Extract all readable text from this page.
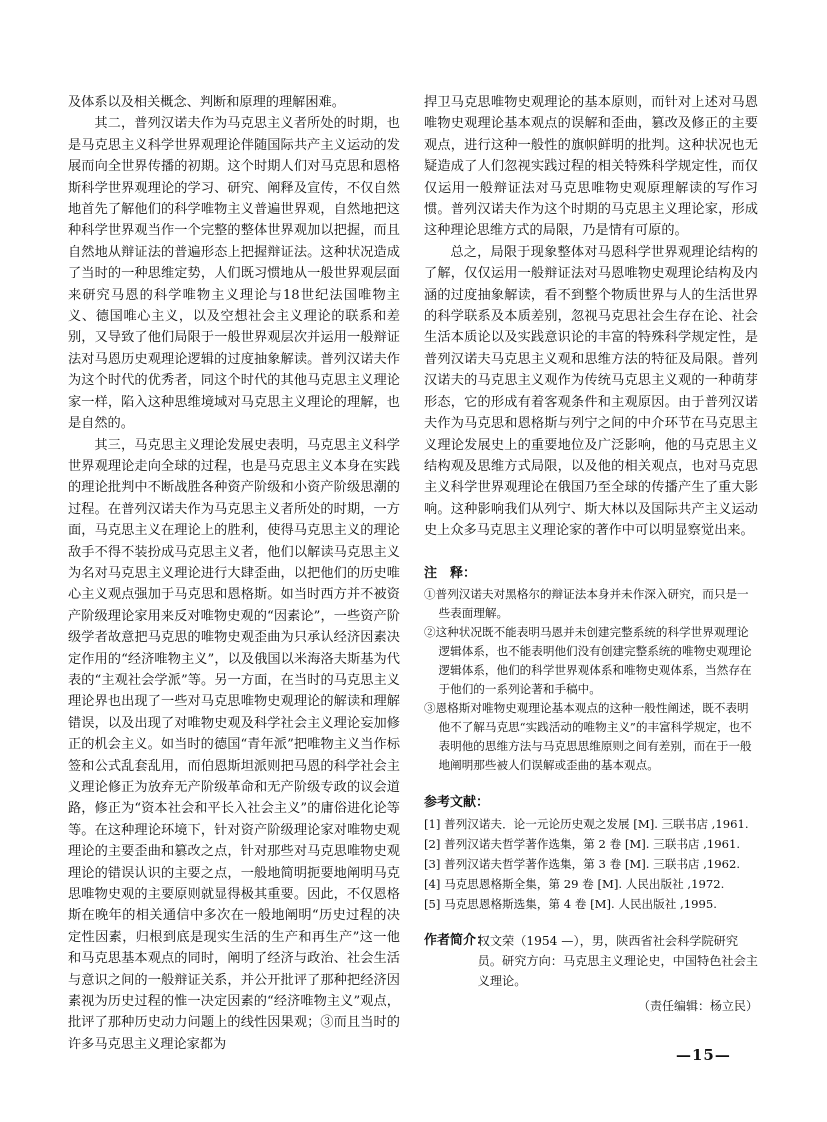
及体系以及相关概念、判断和原理的理解困难。

其二，普列汉诺夫作为马克思主义者所处的时期，也是马克思主义科学世界观理论伴随国际共产主义运动的发展而向全世界传播的初期。这个时期人们对马克思和恩格斯科学世界观理论的学习、研究、阐释及宣传，不仅自然地首先了解他们的科学唯物主义普遍世界观，自然地把这种科学世界观当作一个完整的整体世界观加以把握，而且自然地从辩证法的普遍形态上把握辩证法。这种状况造成了当时的一种思维定势，人们既习惯地从一般世界观层面来研究马恩的科学唯物主义理论与18世纪法国唯物主义、德国唯心主义，以及空想社会主义理论的联系和差别，又导致了他们局限于一般世界观层次并运用一般辩证法对马恩历史观理论逻辑的过度抽象解读。普列汉诺夫作为这个时代的优秀者，同这个时代的其他马克思主义理论家一样，陷入这种思维境域对马克思主义理论的理解，也是自然的。

其三，马克思主义理论发展史表明，马克思主义科学世界观理论走向全球的过程，也是马克思主义本身在实践的理论批判中不断战胜各种资产阶级和小资产阶级思潮的过程。在普列汉诺夫作为马克思主义者所处的时期，一方面，马克思主义在理论上的胜利，使得马克思主义的理论敌手不得不装扮成马克思主义者，他们以解读马克思主义为名对马克思主义理论进行大肆歪曲，以把他们的历史唯心主义观点强加于马克思和恩格斯。如当时西方并不被资产阶级理论家用来反对唯物史观的“因素论”，一些资产阶级学者故意把马克思的唯物史观歪曲为只承认经济因素决定作用的“经济唯物主义”，以及俄国以米海洛夫斯基为代表的“主观社会学派”等。另一方面，在当时的马克思主义理论界也出现了一些对马克思唯物史观理论的解读和理解错误，以及出现了对唯物史观及科学社会主义理论妄加修正的机会主义。如当时的德国“青年派”把唯物主义当作标签和公式乱套乱用，而伯恩斯坦派则把马恩的科学社会主义理论修正为放弃无产阶级革命和无产阶级专政的议会道路，修正为“资本社会和平长入社会主义”的庸俗进化论等等。在这种理论环境下，针对资产阶级理论家对唯物史观理论的主要歪曲和篡改之点，针对那些对马克思唯物史观理论的错误认识的主要之点，一般地简明扼要地阐明马克思唯物史观的主要原则就显得极其重要。因此，不仅恩格斯在晚年的相关通信中多次在一般地阐明“历史过程的决定性因素，归根到底是现实生活的生产和再生产”这一他和马克思基本观点的同时，阐明了经济与政治、社会生活与意识之间的一般辩证关系，并公开批评了那种把经济因素视为历史过程的惟一决定因素的“经济唯物主义”观点，批评了那种历史动力问题上的线性因果观；③而且当时的许多马克思主义理论家都为

捍卫马克思唯物史观理论的基本原则，而针对上述对马恩唯物史观理论基本观点的误解和歪曲，篡改及修正的主要观点，进行这种一般性的旗帜鲜明的批判。这种状况也无疑造成了人们忽视实践过程的相关特殊科学规定性，而仅仅运用一般辩证法对马克思唯物史观原理解读的写作习惯。普列汉诺夫作为这个时期的马克思主义理论家，形成这种理论思维方式的局限，乃是情有可原的。

总之，局限于现象整体对马恩科学世界观理论结构的了解，仅仅运用一般辩证法对马恩唯物史观理论结构及内涵的过度抽象解读，看不到整个物质世界与人的生活世界的科学联系及本质差别，忽视马克思社会生存在论、社会生活本质论以及实践意识论的丰富的特殊科学规定性，是普列汉诺夫马克思主义观和思维方法的特征及局限。普列汉诺夫的马克思主义观作为传统马克思主义观的一种萌芽形态，它的形成有着客观条件和主观原因。由于普列汉诺夫作为马克思和恩格斯与列宁之间的中介环节在马克思主义理论发展史上的重要地位及广泛影响，他的马克思主义结构观及思维方式局限，以及他的相关观点，也对马克思主义科学世界观理论在俄国乃至全球的传播产生了重大影响。这种影响我们从列宁、斯大林以及国际共产主义运动史上众多马克思主义理论家的著作中可以明显察觉出来。

注　释：

①普列汉诺夫对黑格尔的辩证法本身并未作深入研究，而只是一些表面理解。

②这种状况既不能表明马恩并未创建完整系统的科学世界观理论逻辑体系，也不能表明他们没有创建完整系统的唯物史观理论逻辑体系，他们的科学世界观体系和唯物史观体系，当然存在于他们的一系列论著和手稿中。

③恩格斯对唯物史观理论基本观点的这种一般性阐述，既不表明他不了解马克思“实践活动的唯物主义”的丰富科学规定，也不表明他的思维方法与马克思思维原则之间有差别，而在于一般地阐明那些被人们误解或歪曲的基本观点。

参考文献：

[1] 普列汉诺夫．论一元论历史观之发展 [M]. 三联书店 ,1961.

[2] 普列汉诺夫哲学著作选集，第 2 卷 [M]. 三联书店 ,1961.

[3] 普列汉诺夫哲学著作选集，第 3 卷 [M]. 三联书店 ,1962.

[4] 马克思恩格斯全集，第 29 卷 [M]. 人民出版社 ,1972.

[5] 马克思恩格斯选集，第 4 卷 [M]. 人民出版社 ,1995.

作者简介：
权文荣（1954 —），男，陕西省社会科学院研究员。研究方向：马克思主义理论史，中国特色社会主义理论。
（责任编辑：杨立民）
—15—
